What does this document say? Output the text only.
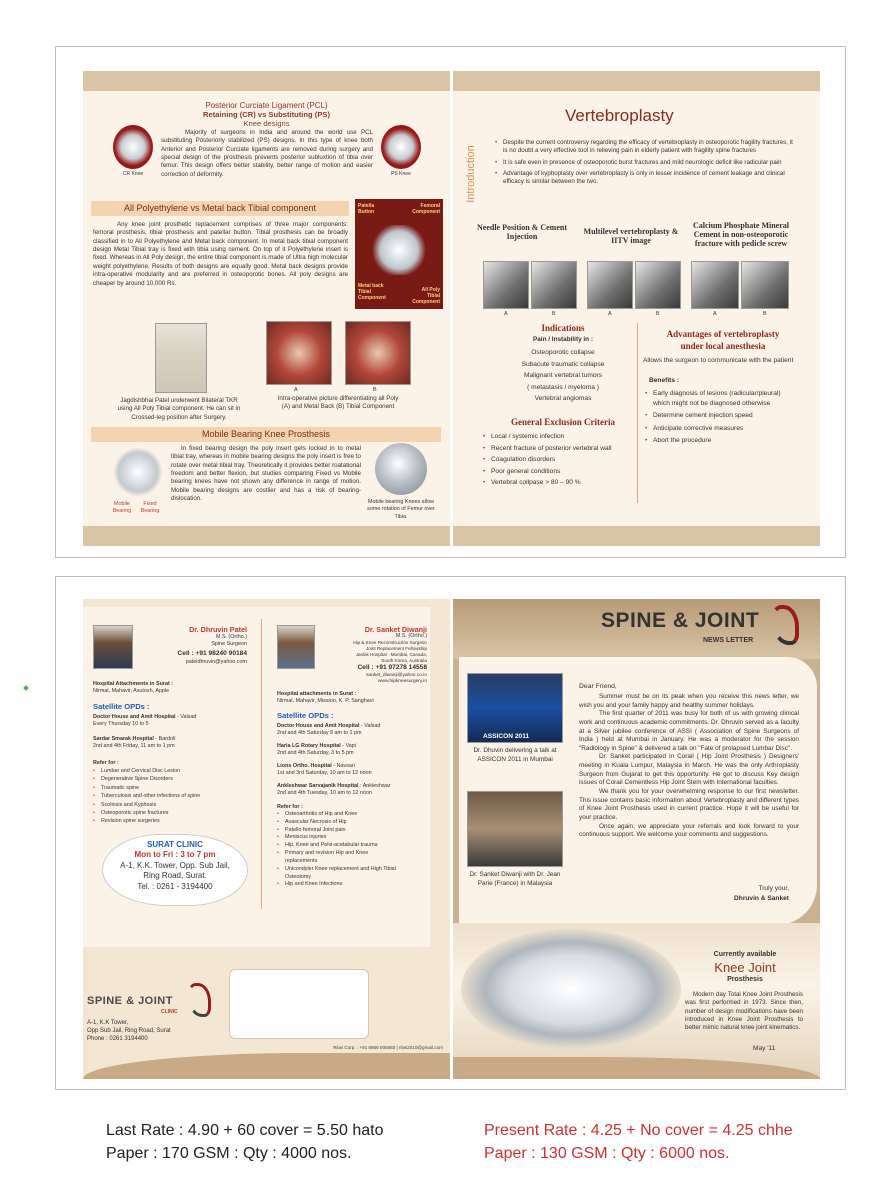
Posterior Curciate Ligament (PCL)
Retaining (CR) vs Substituting (PS)
Knee designs
CR Knee
Majority of surgeons in India and around the world use PCL substituting Posteriorly stabilized (PS) designs. In this type of knee both Anterior and Posterior Curciate ligaments are removed during surgery and special design of the prosthesis prevents posterior subluxtion of tibia over femur. This design offers better stability, better range of motion and easier correction of deformity.	PS Knee
All Polyethylene vs Metal back Tibial component
Any knee joint prosthetic replacement comprises of three major components: femoral prosthesis, tibial prosthesis and patellar button. Tibial prosthesis can be broadly classified in to All Polyethylene and Metal back component. In metal back tibial component design Metal Tibial tray is fixed with tibia using cement. On top of it Polyethylene insert is fixed. Whereas in All Poly design, the entire tibial component is made of Ultra high molecular weight polyethylene. Results of both designs are equally good. Metal back designs provide intra-operative modularity and are preferred in osteoporotic bones. All poly designs are cheaper by around 10,000 Rs.
Patella Button
Femoral Component
Metal back Tibial Component
All Poly Tibial Component
A	B
Jagdishbhai Patel underwent Bilateral TKR using All Poly Tibial component. He can sit in Crossed-leg position after Surgery.
Intra-operative picture differentiating all Poly (A) and Metal Back (B) Tibial Component
Mobile Bearing Knee Prosthesis
Mobile Bearing
Fixed Bearing
In fixed bearing design the poly insert gets locked in to metal tibial tray, whereas in mobile bearing designs the poly insert is free to rotate over metal tibial tray. Theoretically it provides better roatational freedom and better flexion, but studies comparing Fixed vs Mobile bearing knees have not shown any difference in range of motion. Mobile bearing designs are costlier and has a risk of bearing-dislocation.	Mobile bearing Knees allow some rotation of Femur over Tibia.
Vertebroplasty
Introduction
• Despite the current controversy regarding the efficacy of vertebroplasty in osteoporotic fragility fractures, it is no doubt a very effective tool in relieving pain in elderly patient with fragility spine fractures
• It is safe even in presence of osteoporotic burst fractures and mild neurologic deficit like radicular pain
• Advantage of kyphoplasty over vertebroplasty is only in lesser incidence of cement leakage and clinical efficacy is similar between the two.
Needle Position & Cement Injection
Multilevel vertebroplasty & IITV image
Calcium Phosphate Mineral Cement in non-osteoporotic fracture with pedicle screw
A	B	A	B	A	B
Indications
Pain / Instability in :
Osteoporotic collapse
Subacute traumatic collapse
Malignant vertebral tumors
( metastasis / myeloma )
Vertebral angiomas
General Exclusion Criteria
• Local / systemic infection
• Recent fracture of posterior vertebral wall
• Coagulation disorders
• Poor general conditions
• Vertebral collpase > 80 – 90 %
Advantages of vertebroplasty
under local anesthesia
Allows the surgeon to communicate with the patient
Benefits :
• Early diagnosis of lesions (radicular/pleural) which might not be diagnosed otherwise
• Determine cement injection speed
• Anticipate corrective measures
• Abort the procedure
Dr. Dhruvin Patel
M.S. (Ortho.)
Spine Surgeon
Cell : +91 98240 90184
pateldhruvin@yahoo.com
Hospital Attachments in Surat :
Nirmal, Mahavir, Asutosh, Apple
Satellite OPDs :
Doctor House and Amit Hospital - Valsad
Every Thursday 10 to 5
Sardar Smarak Hospital - Bardoli
2nd and 4th Friday, 11 am to 1 pm
Refer for :
• Lumbar and Cervical Disc Lesion
• Degenerative Spine Disorders
• Traumatic spine
• Tuberculosis and other infections of spine
• Scoliosis and Kyphosis
• Osteoporotic spine fractures
• Revision spine surgeries
SURAT CLINIC
Mon to Fri : 3 to 7 pm
A-1, K.K. Tower, Opp. Sub Jail,
Ring Road, Surat.
Tel. : 0261 - 3194400
Dr. Sanket Diwanji
M.S. (Ortho.)
Hip & Knee Reconstruction Surgeon
Joint Replacement Fellowship
Jaslok Hospital - Mumbai, Canada,
South Korea, Australia
Cell : +91 97278 14558
sanket_diwanji@yahoo.co.in
www.hipkneesurgery.in
Hospital attachments in Surat :
Nirmal, Mahavir, Mission, K. P. Sanghavi
Satellite OPDs :
Doctor House and Amit Hospital - Valsad
2nd and 4th Saturday 9 am to 1 pm
Haria LG Rotary Hospital - Vapi
2nd and 4th Saturday, 3 to 5 pm
Lions Ortho. Hospital - Navsari
1st and 3rd Saturday, 10 am to 12 noon
Ankleshwar Sarvajanik Hospital : Ankleshwar
2nd and 4th Tuesday, 10 am to 12 noon
Refer for :
• Osteoarthritis of Hip and Knee
• Avascular Necrosis of Hip
• Patello femoral Joint pain
• Meniscus injuries
• Hip, Knee and Pelvi-acetabular trauma
• Primary and revision Hip and Knee replacements
• Unicondyler Knee replacement and High Tibial Osteotomy
• Hip and Knee Infections
SPINE & JOINT
CLINIC
A-1, K.K Tower,
Opp Sub Jail, Ring Road, Surat
Phone : 0261 3194400
Ritwi Corp. : +91 8866 006680 | ritwi2010@gmail.com
SPINE & JOINT
NEWS LETTER
ASSICON 2011
Dr. Dhuvin delivering a talk at ASSICON 2011 in Mumbai
Dr. Sanket Diwanji with Dr. Jean Parie (France) in Malaysia
Dear Friend,

Summer must be on its peak when you receive this news letter, we wish you and your family happy and healthy summer holidays.

The first quarter of 2011 was busy for both of us with growing clinical work and continuous academic commitments. Dr. Dhruvin served as a faculty at a Silver jubilee conference of ASSI ( Association of Spine Surgeons of India ) held at Mumbai in January. He was a moderator for the session "Radiology in Spine" & delivered a talk on "Fate of prolapsed Lumbar Disc".

Dr. Sanket participated in Corail ( Hip Joint Prosthesis ) Designers' meeting in Kuala Lumpur, Malaysia in March. He was the only Arthroplasty Surgeon from Gujarat to get this opportunity. He got to discuss Key design issues of Corail Cementless Hip Joint Stem with International faculties.

We thank you for your overwhelming response to our first newsletter. This issue contains basic information about Vertebroplasty and different types of Knee Joint Prosthesis used in current practice. Hope it will be useful for your practice.

Once again, we appreciate your referrals and look forward to your continuous support. We welcome your comments and suggestions.

Truly your,
Dhruvin & Sanket
Currently available
Knee Joint
Prosthesis
Modern day Total Knee Joint Prosthesis was first performed in 1973. Since then, number of design modifications have been introduced in Knee Joint Prosthesis to better mimic natural knee joint kinematics.
May '11
Last Rate : 4.90 + 60 cover = 5.50 hato
Paper : 170 GSM : Qty : 4000 nos.
Present Rate : 4.25 + No cover = 4.25 chhe
Paper : 130 GSM : Qty : 6000 nos.
